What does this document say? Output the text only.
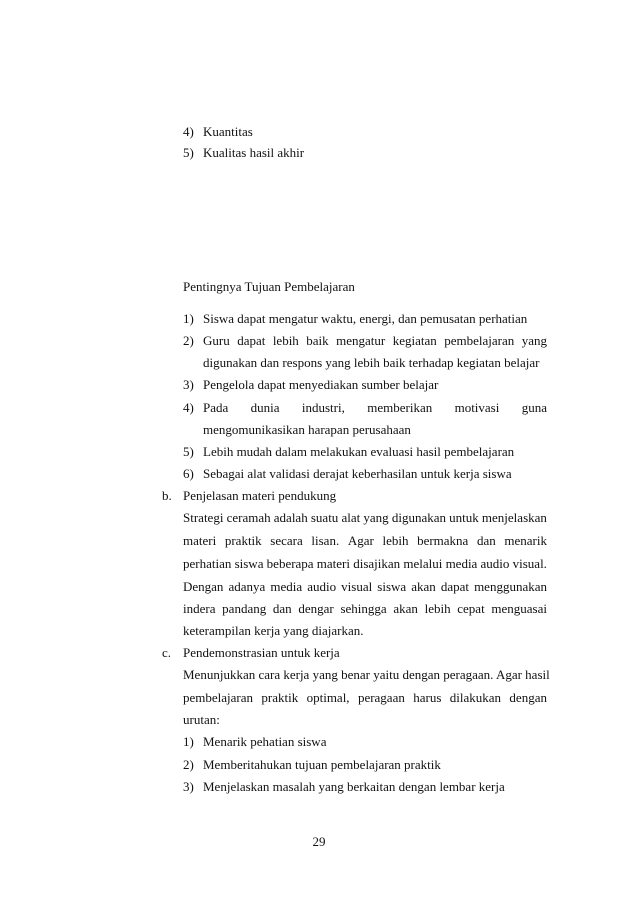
4) Kuantitas
5) Kualitas hasil akhir
Pentingnya Tujuan Pembelajaran
1) Siswa dapat mengatur waktu, energi, dan pemusatan perhatian
2) Guru dapat lebih baik mengatur kegiatan pembelajaran yang
digunakan dan respons yang lebih baik terhadap kegiatan belajar
3) Pengelola dapat menyediakan sumber belajar
4) Pada dunia industri, memberikan motivasi guna
mengomunikasikan harapan perusahaan
5) Lebih mudah dalam melakukan evaluasi hasil pembelajaran
6) Sebagai alat validasi derajat keberhasilan untuk kerja siswa
b. Penjelasan materi pendukung
Strategi ceramah adalah suatu alat yang digunakan untuk menjelaskan
materi praktik secara lisan. Agar lebih bermakna dan menarik
perhatian siswa beberapa materi disajikan melalui media audio visual.
Dengan adanya media audio visual siswa akan dapat menggunakan
indera pandang dan dengar sehingga akan lebih cepat menguasai
keterampilan kerja yang diajarkan.
c. Pendemonstrasian untuk kerja
Menunjukkan cara kerja yang benar yaitu dengan peragaan. Agar hasil
pembelajaran praktik optimal, peragaan harus dilakukan dengan
urutan:
1) Menarik pehatian siswa
2) Memberitahukan tujuan pembelajaran praktik
3) Menjelaskan masalah yang berkaitan dengan lembar kerja
29
